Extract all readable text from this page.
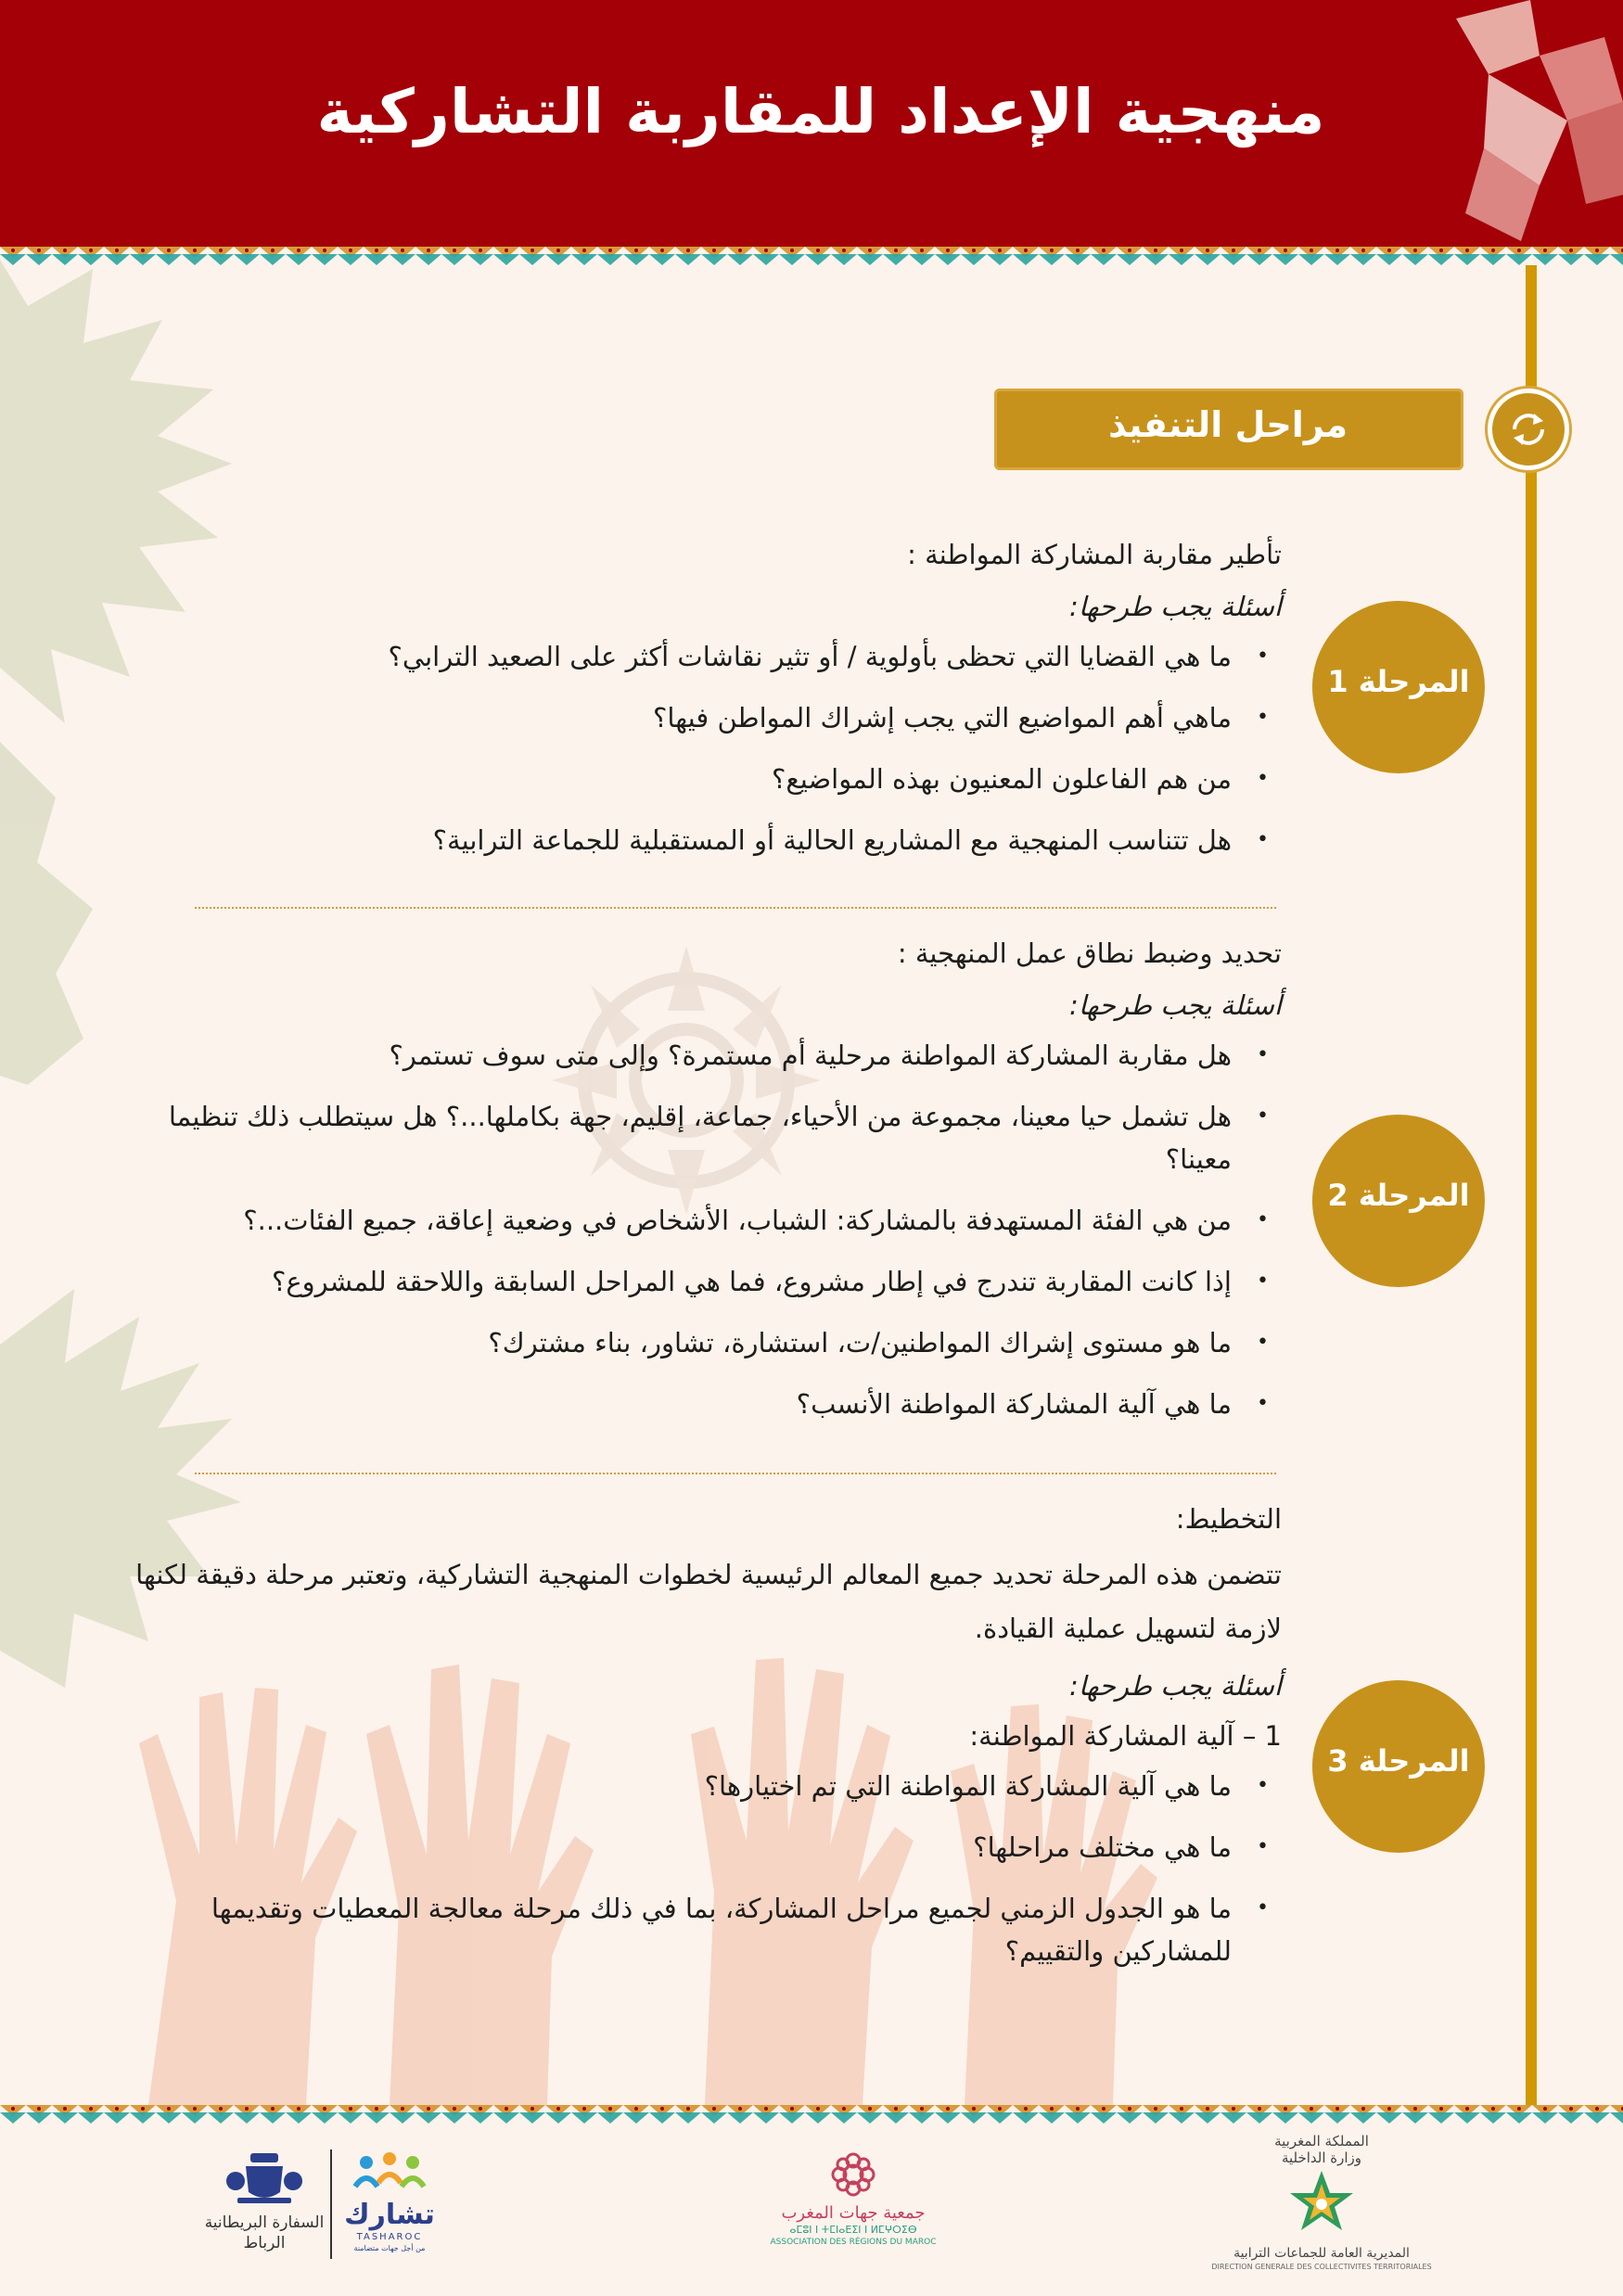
منهجية الإعداد للمقاربة التشاركية
مراحل التنفيذ
المرحلة 1
المرحلة 2
المرحلة 3

تأطير مقاربة المشاركة المواطنة :

أسئلة يجب طرحها:

• ما هي القضايا التي تحظى بأولوية / أو تثير نقاشات أكثر على الصعيد الترابي؟
• ماهي أهم المواضيع التي يجب إشراك المواطن فيها؟
• من هم الفاعلون المعنيون بهذه المواضيع؟
• هل تتناسب المنهجية مع المشاريع الحالية أو المستقبلية للجماعة الترابية؟

تحديد وضبط نطاق عمل المنهجية :

أسئلة يجب طرحها:

• هل مقاربة المشاركة المواطنة مرحلية أم مستمرة؟ وإلى متى سوف تستمر؟
• هل تشمل حيا معينا، مجموعة من الأحياء، جماعة، إقليم، جهة بكاملها...؟ هل سيتطلب ذلك تنظيما معينا؟
• من هي الفئة المستهدفة بالمشاركة: الشباب، الأشخاص في وضعية إعاقة، جميع الفئات...؟
• إذا كانت المقاربة تندرج في إطار مشروع، فما هي المراحل السابقة واللاحقة للمشروع؟
• ما هو مستوى إشراك المواطنين/ت، استشارة، تشاور، بناء مشترك؟
• ما هي آلية المشاركة المواطنة الأنسب؟

التخطيط:

تتضمن هذه المرحلة تحديد جميع المعالم الرئيسية لخطوات المنهجية التشاركية، وتعتبر مرحلة دقيقة لكنها لازمة لتسهيل عملية القيادة.

أسئلة يجب طرحها:

1 – آلية المشاركة المواطنة:

• ما هي آلية المشاركة المواطنة التي تم اختيارها؟
• ما هي مختلف مراحلها؟
• ما هو الجدول الزمني لجميع مراحل المشاركة، بما في ذلك مرحلة معالجة المعطيات وتقديمها للمشاركين والتقييم؟
المملكة المغربية
وزارة الداخلية
المديرية العامة للجماعات الترابية
DIRECTION GENERALE DES COLLECTIVITES TERRITORIALES
جمعية جهات المغرب
ⴰⵎⵓⵏ ⵏ ⵜⵎⵏⴰⴹⵉⵏ ⵏ ⵍⵎⵖⵔⵉⴱ
ASSOCIATION DES RÉGIONS DU MAROC
تشارك
TASHAROC
من أجل جهات متضامنة
السفارة البريطانية
الرباط
